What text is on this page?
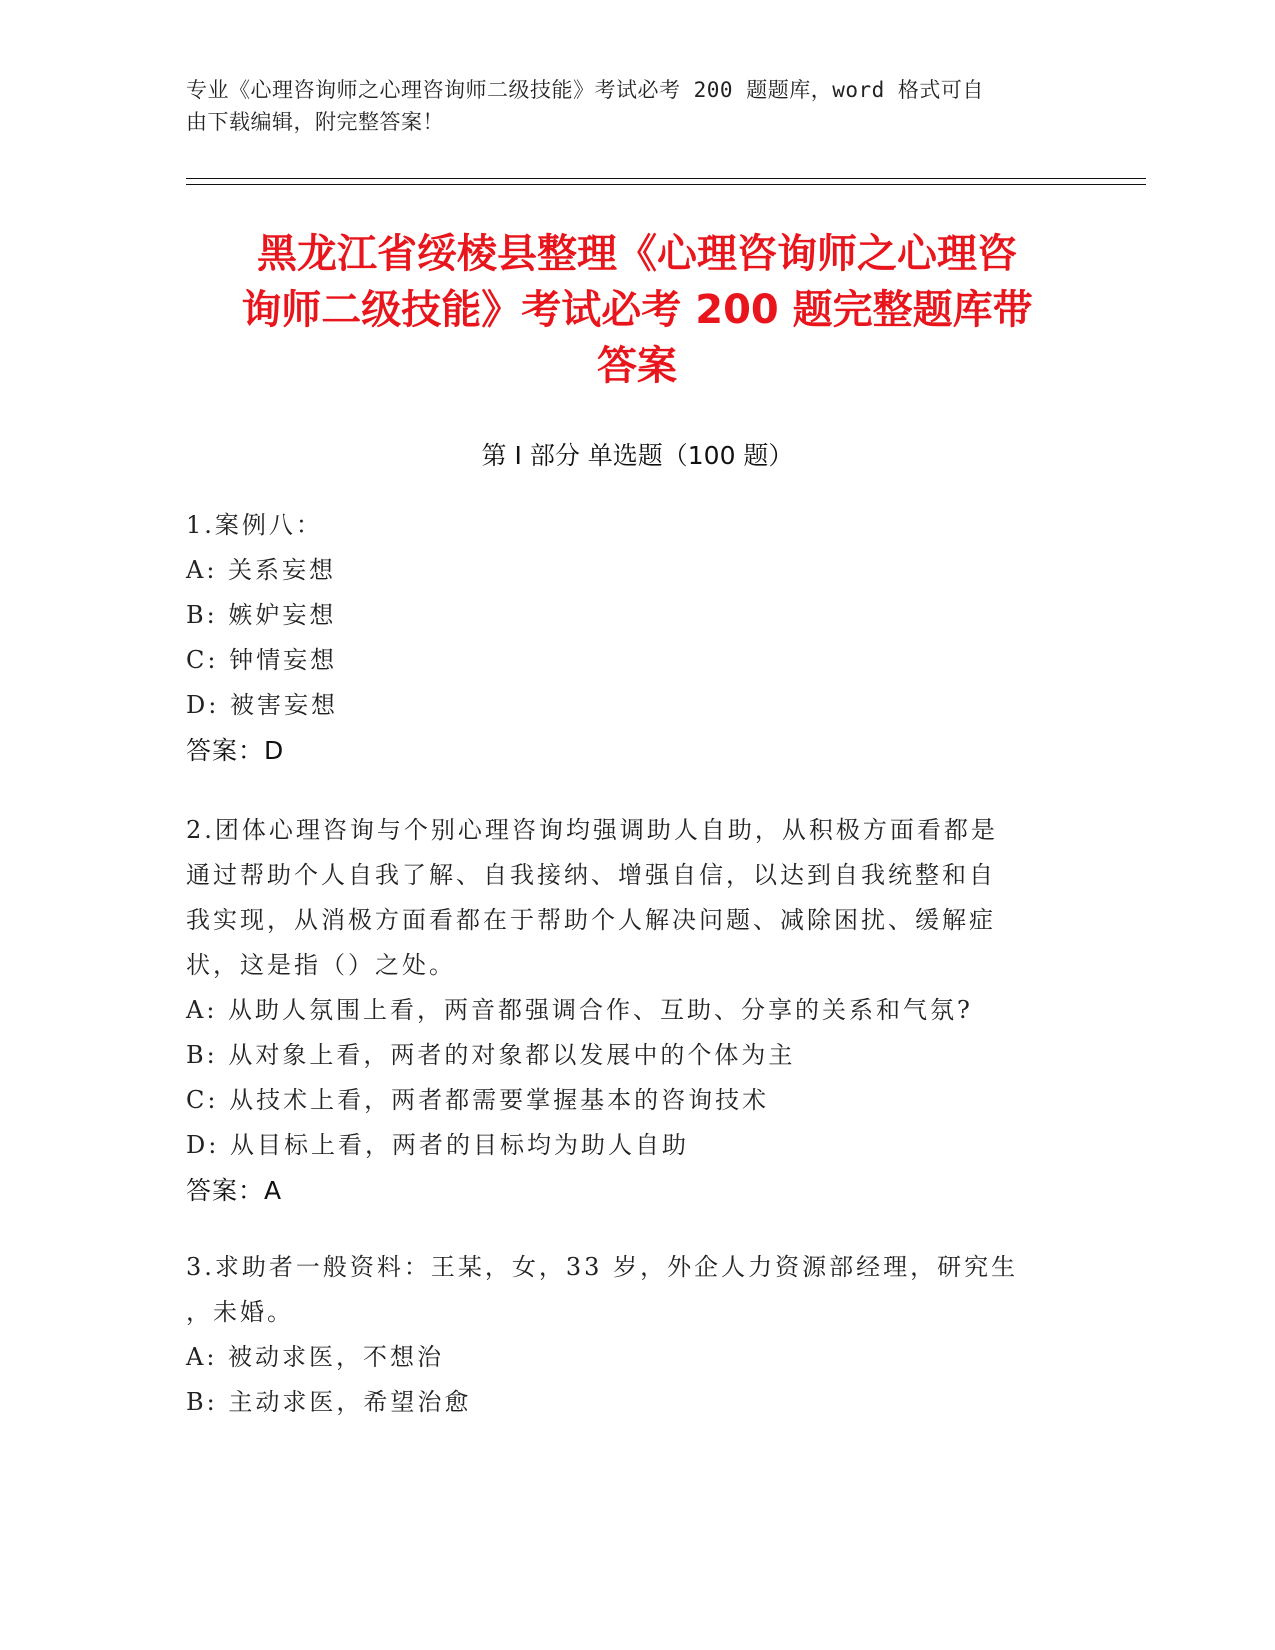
专业《心理咨询师之心理咨询师二级技能》考试必考 200 题题库，word 格式可自
由下载编辑，附完整答案！
黑龙江省绥棱县整理《心理咨询师之心理咨
询师二级技能》考试必考 200 题完整题库带
答案
第 I 部分 单选题（100 题）
1.案例八：
A: 关系妄想
B: 嫉妒妄想
C: 钟情妄想
D: 被害妄想
答案：D
2.团体心理咨询与个别心理咨询均强调助人自助，从积极方面看都是
通过帮助个人自我了解、自我接纳、增强自信，以达到自我统整和自
我实现，从消极方面看都在于帮助个人解决问题、减除困扰、缓解症
状，这是指（）之处。
A: 从助人氛围上看，两音都强调合作、互助、分享的关系和气氛?
B: 从对象上看，两者的对象都以发展中的个体为主
C: 从技术上看，两者都需要掌握基本的咨询技术
D: 从目标上看，两者的目标均为助人自助
答案：A
3.求助者一般资料：王某，女，33 岁，外企人力资源部经理，研究生
，未婚。
A: 被动求医，不想治
B: 主动求医，希望治愈
